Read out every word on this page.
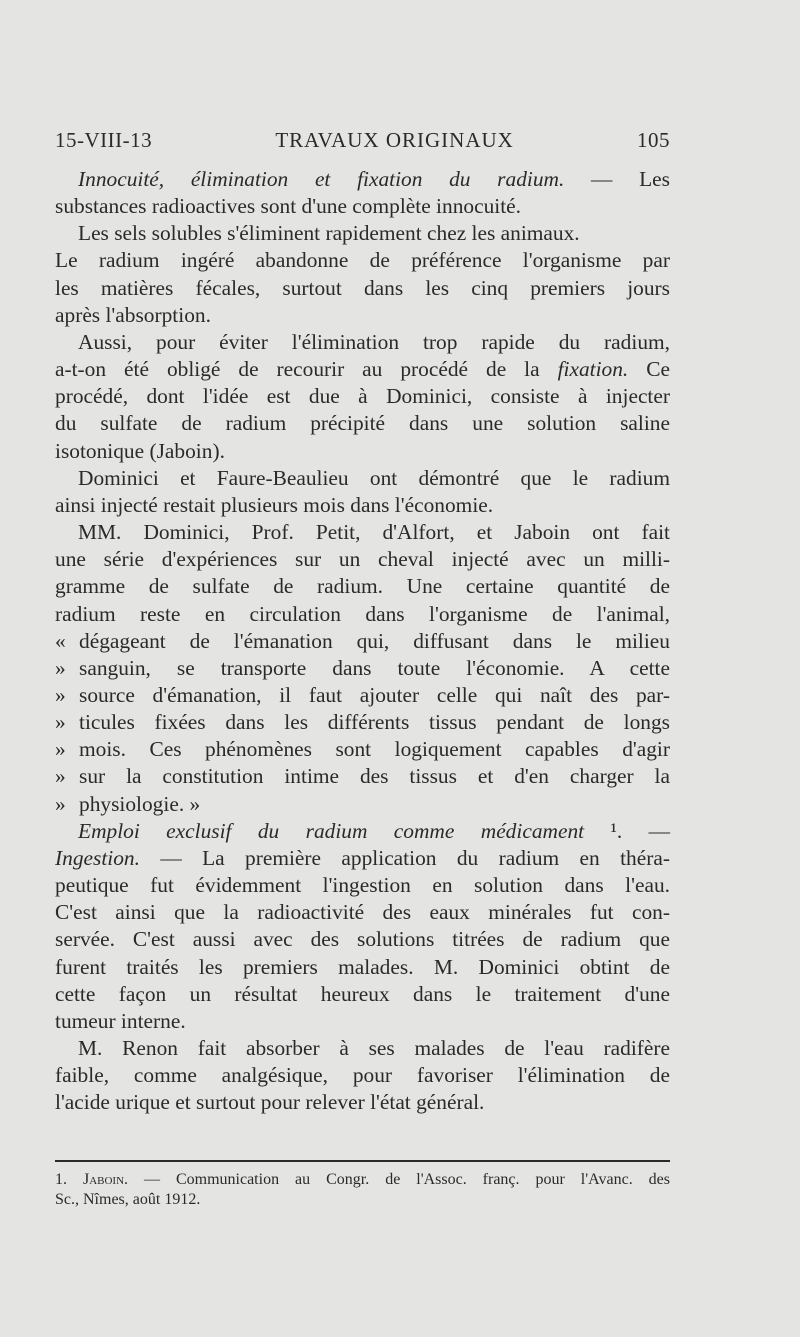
15-VIII-13	TRAVAUX ORIGINAUX	105
Innocuité, élimination et fixation du radium. — Les
substances radioactives sont d'une complète innocuité.
Les sels solubles s'éliminent rapidement chez les animaux.
Le radium ingéré abandonne de préférence l'organisme par
les matières fécales, surtout dans les cinq premiers jours
après l'absorption.
Aussi, pour éviter l'élimination trop rapide du radium,
a-t-on été obligé de recourir au procédé de la fixation. Ce
procédé, dont l'idée est due à Dominici, consiste à injecter
du sulfate de radium précipité dans une solution saline
isotonique (Jaboin).
Dominici et Faure-Beaulieu ont démontré que le radium
ainsi injecté restait plusieurs mois dans l'économie.
MM. Dominici, Prof. Petit, d'Alfort, et Jaboin ont fait
une série d'expériences sur un cheval injecté avec un milli-
gramme de sulfate de radium. Une certaine quantité de
radium reste en circulation dans l'organisme de l'animal,
« dégageant de l'émanation qui, diffusant dans le milieu
» sanguin, se transporte dans toute l'économie. A cette
» source d'émanation, il faut ajouter celle qui naît des par-
» ticules fixées dans les différents tissus pendant de longs
» mois. Ces phénomènes sont logiquement capables d'agir
» sur la constitution intime des tissus et d'en charger la
» physiologie. »
Emploi exclusif du radium comme médicament ¹. —
Ingestion. — La première application du radium en théra-
peutique fut évidemment l'ingestion en solution dans l'eau.
C'est ainsi que la radioactivité des eaux minérales fut con-
servée. C'est aussi avec des solutions titrées de radium que
furent traités les premiers malades. M. Dominici obtint de
cette façon un résultat heureux dans le traitement d'une
tumeur interne.
M. Renon fait absorber à ses malades de l'eau radifère
faible, comme analgésique, pour favoriser l'élimination de
l'acide urique et surtout pour relever l'état général.
1. Jaboin. — Communication au Congr. de l'Assoc. franç. pour l'Avanc. des
Sc., Nîmes, août 1912.
